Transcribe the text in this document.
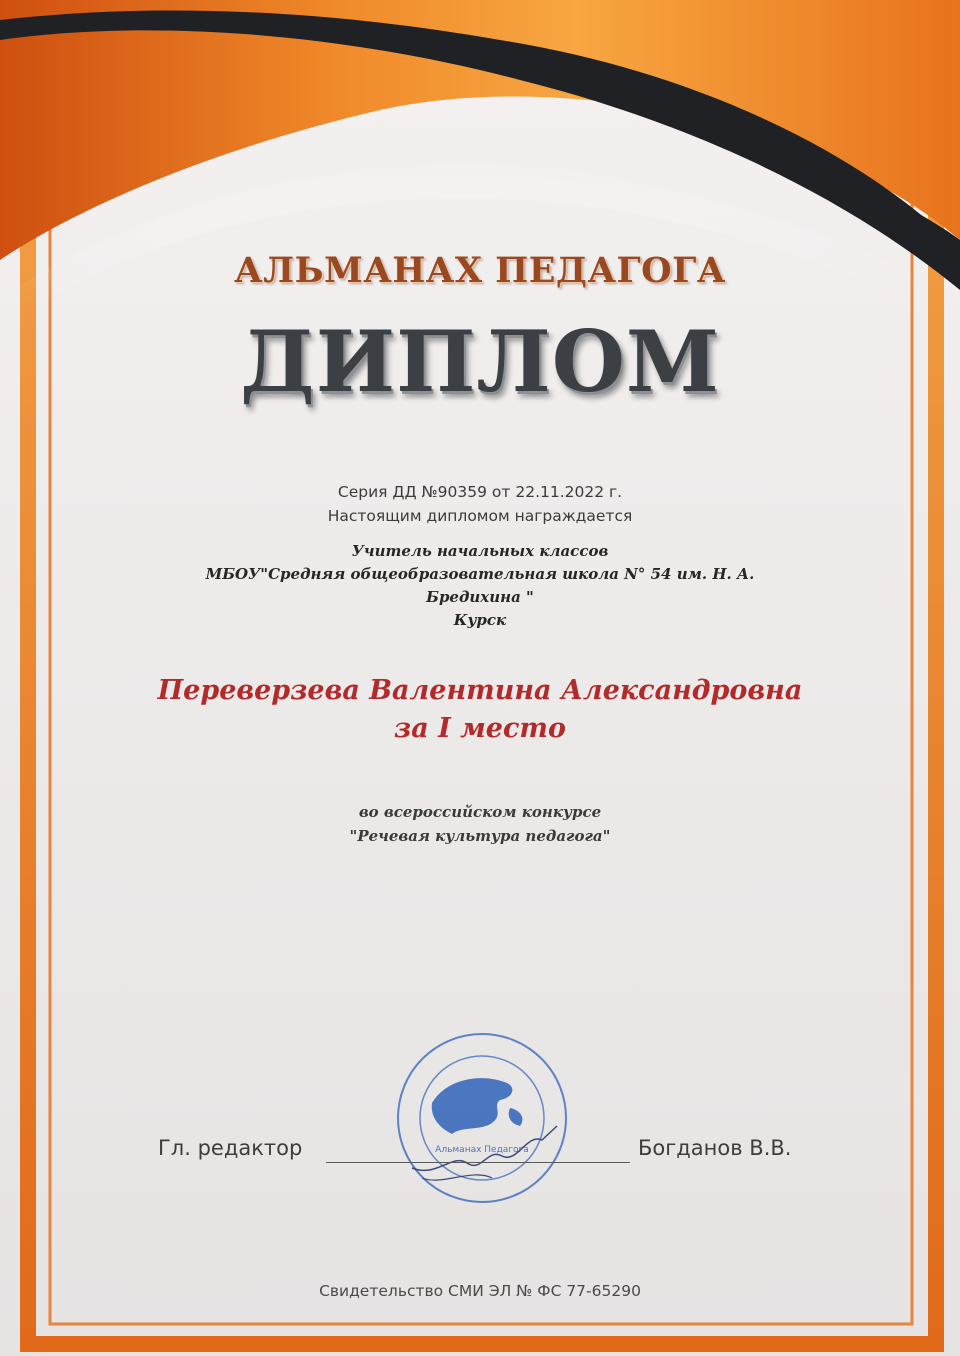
АЛЬМАНАХ ПЕДАГОГА
ДИПЛОМ
Серия ДД №90359 от 22.11.2022 г.
Настоящим дипломом награждается
Учитель начальных классов
МБОУ"Средняя общеобразовательная школа N° 54 им. Н. А.
Бредихина "
Курск
Переверзева Валентина Александровна
за I место
во всероссийском конкурсе
"Речевая культура педагога"
Альманах Педагога
Гл. редактор	Богданов В.В.
Свидетельство СМИ ЭЛ № ФС 77-65290
